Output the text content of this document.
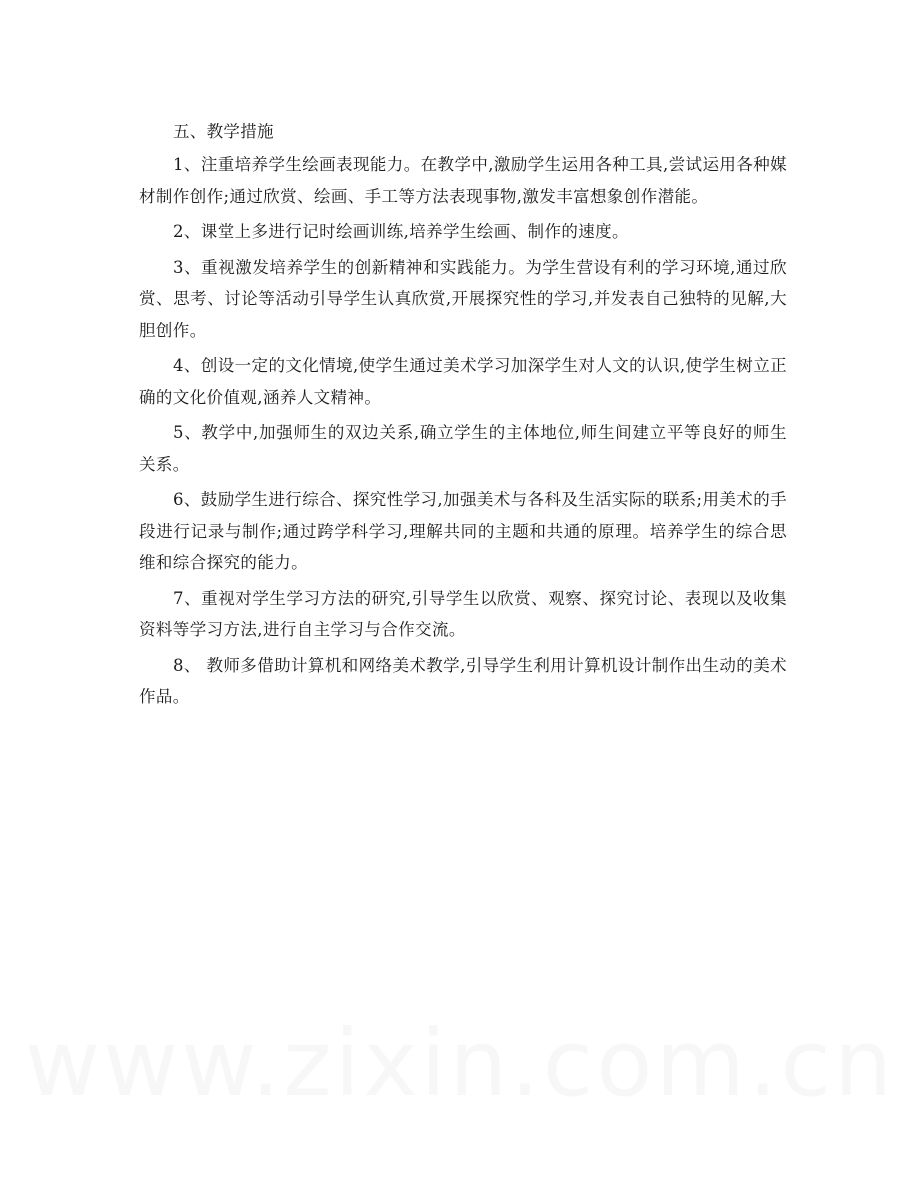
五、教学措施

1、注重培养学生绘画表现能力。在教学中,激励学生运用各种工具,尝试运用各种媒材制作创作;通过欣赏、绘画、手工等方法表现事物,激发丰富想象创作潜能。

2、课堂上多进行记时绘画训练,培养学生绘画、制作的速度。

3、重视激发培养学生的创新精神和实践能力。为学生营设有利的学习环境,通过欣赏、思考、讨论等活动引导学生认真欣赏,开展探究性的学习,并发表自己独特的见解,大胆创作。

4、创设一定的文化情境,使学生通过美术学习加深学生对人文的认识,使学生树立正确的文化价值观,涵养人文精神。

5、教学中,加强师生的双边关系,确立学生的主体地位,师生间建立平等良好的师生关系。

6、鼓励学生进行综合、探究性学习,加强美术与各科及生活实际的联系;用美术的手段进行记录与制作;通过跨学科学习,理解共同的主题和共通的原理。培养学生的综合思维和综合探究的能力。

7、重视对学生学习方法的研究,引导学生以欣赏、观察、探究讨论、表现以及收集资料等学习方法,进行自主学习与合作交流。

8、 教师多借助计算机和网络美术教学,引导学生利用计算机设计制作出生动的美术作品。
